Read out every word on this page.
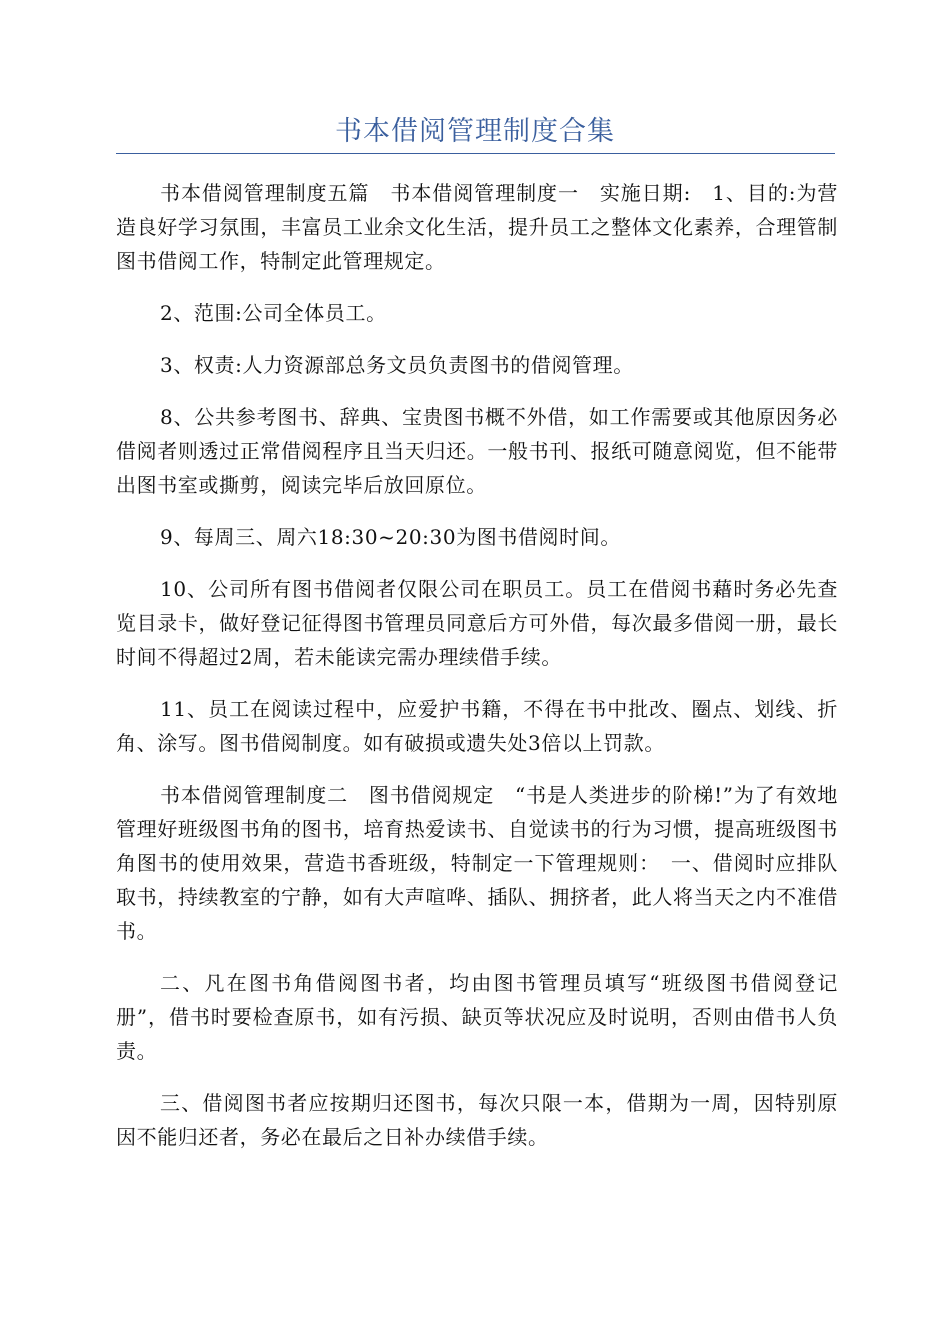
书本借阅管理制度合集

书本借阅管理制度五篇　书本借阅管理制度一　实施日期:　1、目的:为营造良好学习氛围，丰富员工业余文化生活，提升员工之整体文化素养，合理管制图书借阅工作，特制定此管理规定。

2、范围:公司全体员工。

3、权责:人力资源部总务文员负责图书的借阅管理。

8、公共参考图书、辞典、宝贵图书概不外借，如工作需要或其他原因务必借阅者则透过正常借阅程序且当天归还。一般书刊、报纸可随意阅览，但不能带出图书室或撕剪，阅读完毕后放回原位。

9、每周三、周六18:30~20:30为图书借阅时间。

10、公司所有图书借阅者仅限公司在职员工。员工在借阅书藉时务必先查览目录卡，做好登记征得图书管理员同意后方可外借，每次最多借阅一册，最长时间不得超过2周，若未能读完需办理续借手续。

11、员工在阅读过程中，应爱护书籍，不得在书中批改、圈点、划线、折角、涂写。图书借阅制度。如有破损或遗失处3倍以上罚款。

书本借阅管理制度二　图书借阅规定　“书是人类进步的阶梯!”为了有效地管理好班级图书角的图书，培育热爱读书、自觉读书的行为习惯，提高班级图书角图书的使用效果，营造书香班级，特制定一下管理规则：　一、借阅时应排队取书，持续教室的宁静，如有大声喧哗、插队、拥挤者，此人将当天之内不准借书。

二、凡在图书角借阅图书者，均由图书管理员填写“班级图书借阅登记册”，借书时要检查原书，如有污损、缺页等状况应及时说明，否则由借书人负责。

三、借阅图书者应按期归还图书，每次只限一本，借期为一周，因特别原因不能归还者，务必在最后之日补办续借手续。
